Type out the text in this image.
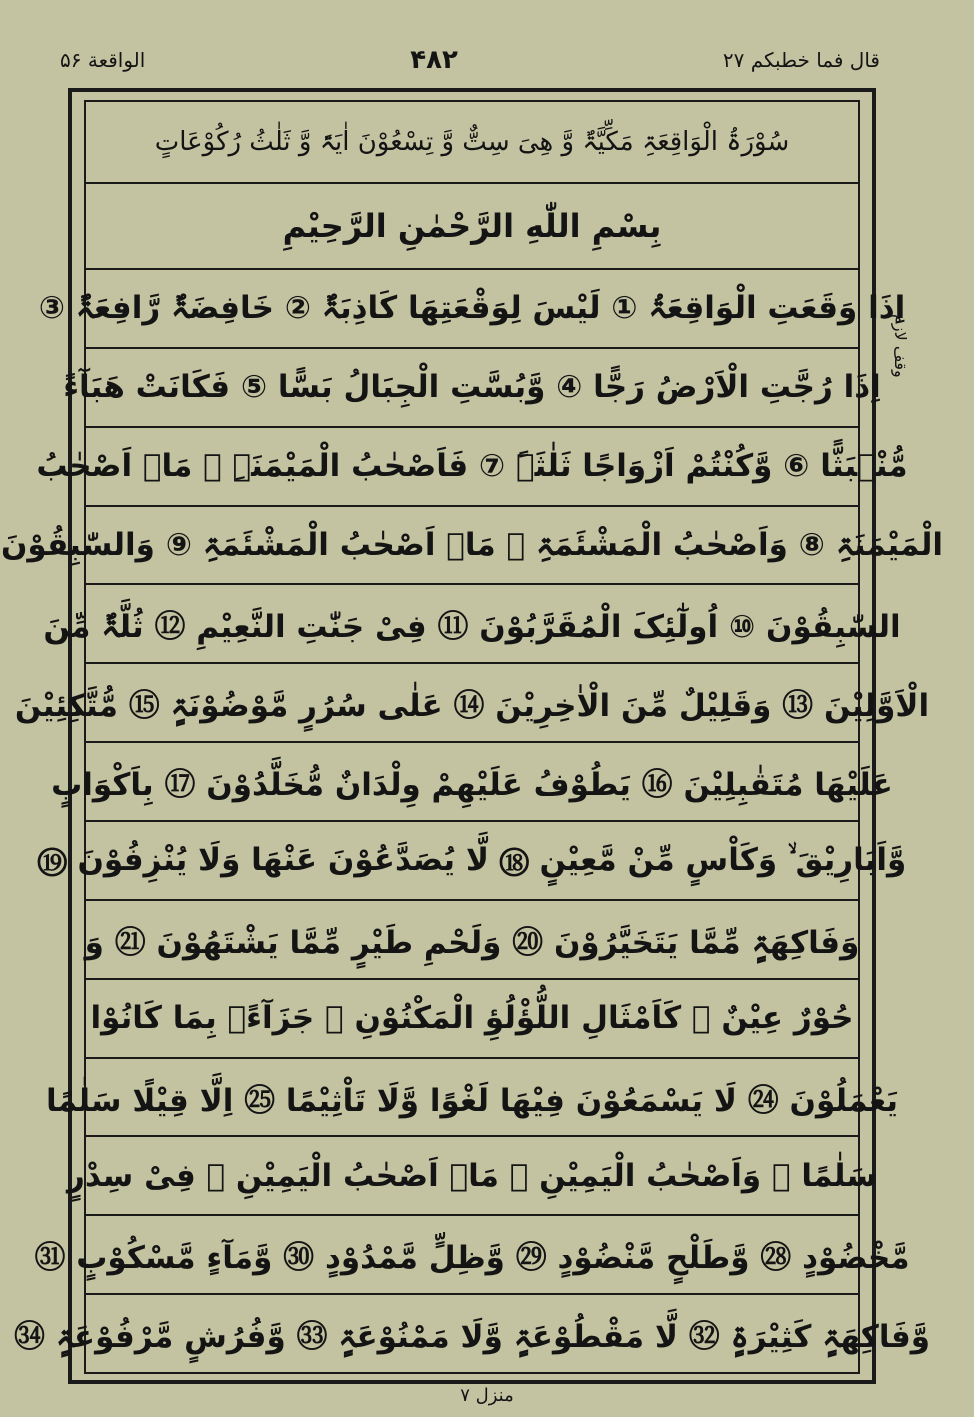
الواقعة ۵۶	۴۸۲	قال فما خطبکم ۲۷
سُوْرَۃُ الْوَاقِعَۃِ مَکِّیَّۃٌ وَّ هِیَ سِتٌّ وَّ تِسْعُوْنَ اٰیَۃً وَّ ثَلٰثُ رُکُوْعَاتٍ
بِسْمِ اللّٰهِ الرَّحْمٰنِ الرَّحِیْمِ
اِذَا وَقَعَتِ الْوَاقِعَۃُ ① لَیْسَ لِوَقْعَتِهَا کَاذِبَۃٌ ② خَافِضَۃٌ رَّافِعَۃٌ ③
اِذَا رُجَّتِ الْاَرْضُ رَجًّا ④ وَّبُسَّتِ الْجِبَالُ بَسًّا ⑤ فَکَانَتْ هَبَآءً
مُّنْۢبَثًّا ⑥ وَّکُنْتُمْ اَزْوَاجًا ثَلٰثَۃً ⑦ فَاَصْحٰبُ الْمَیْمَنَۃِ ۙ مَاۤ اَصْحٰبُ
الْمَیْمَنَۃِ ⑧ وَاَصْحٰبُ الْمَشْئَمَۃِ ۙ مَاۤ اَصْحٰبُ الْمَشْئَمَۃِ ⑨ وَالسّٰبِقُوْنَ
السّٰبِقُوْنَ ⑩ اُولٰٓئِکَ الْمُقَرَّبُوْنَ ⑪ فِیْ جَنّٰتِ النَّعِیْمِ ⑫ ثُلَّۃٌ مِّنَ
الْاَوَّلِیْنَ ⑬ وَقَلِیْلٌ مِّنَ الْاٰخِرِیْنَ ⑭ عَلٰی سُرُرٍ مَّوْضُوْنَۃٍ ⑮ مُّتَّکِئِیْنَ
عَلَیْهَا مُتَقٰبِلِیْنَ ⑯ یَطُوْفُ عَلَیْهِمْ وِلْدَانٌ مُّخَلَّدُوْنَ ⑰ بِاَکْوَابٍ
وَّاَبَارِیْقَ ۙ وَکَاْسٍ مِّنْ مَّعِیْنٍ ⑱ لَّا یُصَدَّعُوْنَ عَنْهَا وَلَا یُنْزِفُوْنَ ⑲
وَفَاکِهَۃٍ مِّمَّا یَتَخَیَّرُوْنَ ⑳ وَلَحْمِ طَیْرٍ مِّمَّا یَشْتَهُوْنَ ㉑ وَ
حُوْرٌ عِیْنٌ ㉒ کَاَمْثَالِ اللُّؤْلُؤِ الْمَکْنُوْنِ ㉓ جَزَآءًۢ بِمَا کَانُوْا
یَعْمَلُوْنَ ㉔ لَا یَسْمَعُوْنَ فِیْهَا لَغْوًا وَّلَا تَاْثِیْمًا ㉕ اِلَّا قِیْلًا سَلٰمًا
سَلٰمًا ㉖ وَاَصْحٰبُ الْیَمِیْنِ ۙ مَاۤ اَصْحٰبُ الْیَمِیْنِ ㉗ فِیْ سِدْرٍ
مَّخْضُوْدٍ ㉘ وَّطَلْحٍ مَّنْضُوْدٍ ㉙ وَّظِلٍّ مَّمْدُوْدٍ ㉚ وَّمَآءٍ مَّسْکُوْبٍ ㉛
وَّفَاکِهَۃٍ کَثِیْرَۃٍ ㉜ لَّا مَقْطُوْعَۃٍ وَّلَا مَمْنُوْعَۃٍ ㉝ وَّفُرُشٍ مَّرْفُوْعَۃٍ ㉞
وقف لازم
منزل ۷
